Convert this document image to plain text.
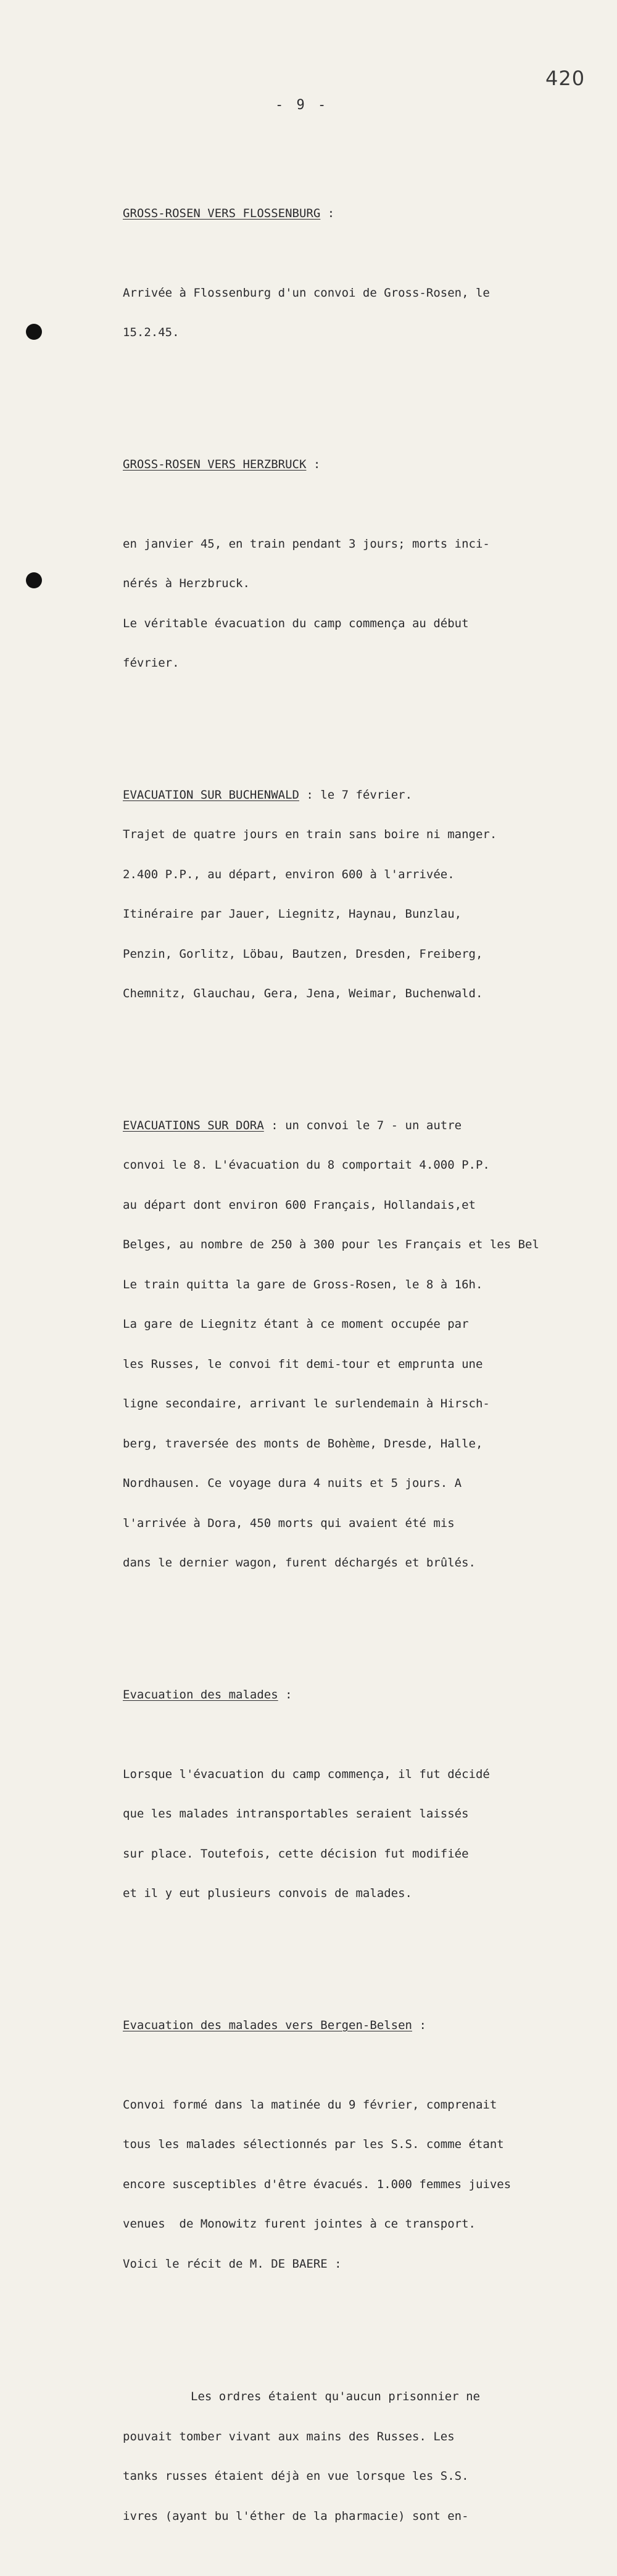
420
- 9 -

GROSS-ROSEN VERS FLOSSENBURG :

Arrivée à Flossenburg d'un convoi de Gross-Rosen, le

15.2.45.

GROSS-ROSEN VERS HERZBRUCK :

en janvier 45, en train pendant 3 jours; morts inci-

nérés à Herzbruck.

Le véritable évacuation du camp commença au début

février.

EVACUATION SUR BUCHENWALD : le 7 février.

Trajet de quatre jours en train sans boire ni manger.

2.400 P.P., au départ, environ 600 à l'arrivée.

Itinéraire par Jauer, Liegnitz, Haynau, Bunzlau,

Penzin, Gorlitz, Löbau, Bautzen, Dresden, Freiberg,

Chemnitz, Glauchau, Gera, Jena, Weimar, Buchenwald.

EVACUATIONS SUR DORA : un convoi le 7 - un autre

convoi le 8. L'évacuation du 8 comportait 4.000 P.P.

au départ dont environ 600 Français, Hollandais,et

Belges, au nombre de 250 à 300 pour les Français et les Bel

Le train quitta la gare de Gross-Rosen, le 8 à 16h.

La gare de Liegnitz étant à ce moment occupée par

les Russes, le convoi fit demi-tour et emprunta une

ligne secondaire, arrivant le surlendemain à Hirsch-

berg, traversée des monts de Bohème, Dresde, Halle,

Nordhausen. Ce voyage dura 4 nuits et 5 jours. A

l'arrivée à Dora, 450 morts qui avaient été mis

dans le dernier wagon, furent déchargés et brûlés.

Evacuation des malades :

Lorsque l'évacuation du camp commença, il fut décidé

que les malades intransportables seraient laissés

sur place. Toutefois, cette décision fut modifiée

et il y eut plusieurs convois de malades.

Evacuation des malades vers Bergen-Belsen :

Convoi formé dans la matinée du 9 février, comprenait

tous les malades sélectionnés par les S.S. comme étant

encore susceptibles d'être évacués. 1.000 femmes juives

venues  de Monowitz furent jointes à ce transport.

Voici le récit de M. DE BAERE :

Les ordres étaient qu'aucun prisonnier ne

pouvait tomber vivant aux mains des Russes. Les

tanks russes étaient déjà en vue lorsque les S.S.

ivres (ayant bu l'éther de la pharmacie) sont en-
